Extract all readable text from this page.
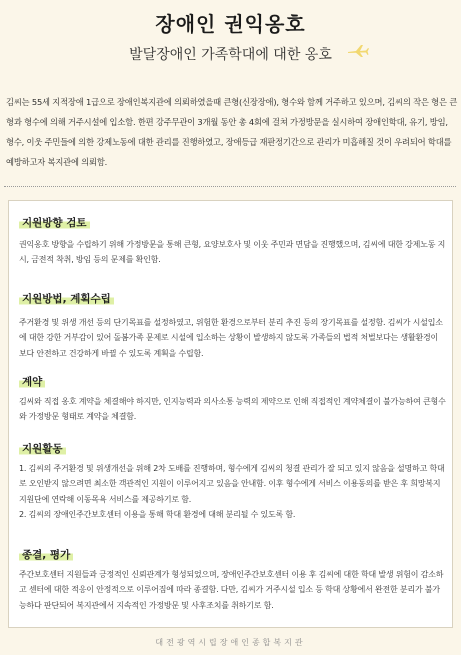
장애인 권익옹호
발달장애인 가족학대에 대한 옹호
김씨는 55세 지적장애 1급으로 장애인복지관에 의뢰하였을때 큰형(신장장애), 형수와 함께 거주하고 있으며, 김씨의 작은 형은 큰형과 형수에 의해 거주시설에 입소함. 한편 강주무관이 3개월 동안 총 4회에 걸쳐 가정방문을 실시하여 장애인학대, 유기, 방임, 형수, 이웃 주민들에 의한 강제노동에 대한 관리를 진행하였고, 장애등급 재판정기간으로 관리가 미흡해질 것이 우려되어 학대를 예방하고자 복지관에 의뢰함.
지원방향 검토
권익옹호 방향을 수립하기 위해 가정방문을 통해 큰형, 요양보호사 및 이웃 주민과 면담을 진행했으며, 김씨에 대한 강제노동 지시, 금전적 착취, 방임 등의 문제를 확인함.
지원방법, 계획수립
주거환경 및 위생 개선 등의 단기목표를 설정하였고, 위험한 환경으로부터 분리 추진 등의 장기목표를 설정함. 김씨가 시설입소에 대한 강한 거부감이 있어 돌봄가족 문제로 시설에 입소하는 상황이 발생하지 않도록 가족들의 법적 처벌보다는 생활환경이 보다 안전하고 건강하게 바뀔 수 있도록 계획을 수립함.
계약
김씨와 직접 옹호 계약을 체결해야 하지만, 인지능력과 의사소통 능력의 제약으로 인해 직접적인 계약체결이 불가능하여 큰형수와 가정방문 형태로 계약을 체결함.
지원활동
1. 김씨의 주거환경 및 위생개선을 위해 2차 도배를 진행하며, 형수에게 김씨의 청결 관리가 잘 되고 있지 않음을 설명하고 학대로 오인받지 않으려면 최소한 객관적인 지원이 이루어지고 있음을 안내함. 이후 형수에게 서비스 이용동의를 받은 후 희망복지지원단에 연락해 이동목욕 서비스를 제공하기로 함.
2. 김씨의 장애인주간보호센터 이용을 통해 학대 환경에 대해 분리될 수 있도록 함.
종결, 평가
주간보호센터 지원들과 긍정적인 신뢰관계가 형성되었으며, 장애인주간보호센터 이용 후 김씨에 대한 학대 발생 위험이 감소하고 센터에 대한 적응이 안정적으로 이루어짐에 따라 종결함. 다만, 김씨가 거주시설 입소 등 학대 상황에서 완전한 분리가 불가능하다 판단되어 복지관에서 지속적인 가정방문 및 사후조치를 취하기로 함.
대전광역시립장애인종합복지관
